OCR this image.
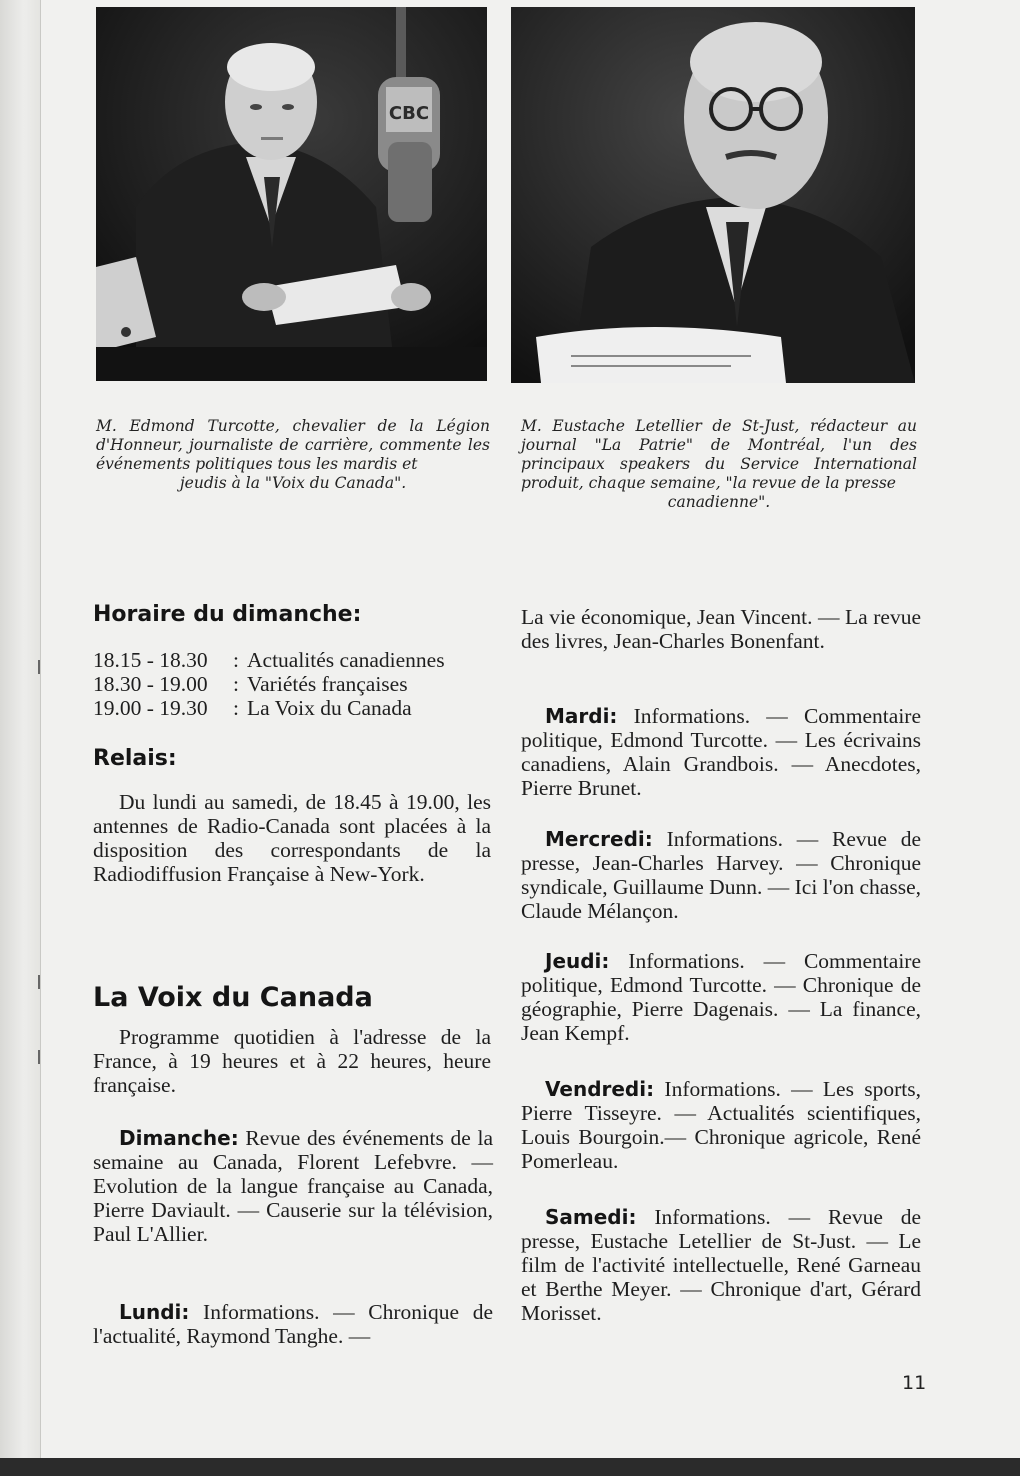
CBC
M. Edmond Turcotte, chevalier de la Légion d'Honneur, journaliste de carrière, commente les événements politiques tous les mardis et
jeudis à la "Voix du Canada".
M. Eustache Letellier de St-Just, rédacteur au journal "La Patrie" de Montréal, l'un des principaux speakers du Service International produit, chaque semaine, "la revue de la presse
canadienne".
Horaire du dimanche:
18.15 - 18.30	: Actualités canadiennes
18.30 - 19.00	: Variétés françaises
19.00 - 19.30	: La Voix du Canada
Relais:

Du lundi au samedi, de 18.45 à 19.00, les antennes de Radio-Canada sont placées à la disposition des correspondants de la Radiodiffusion Française à New-York.

La Voix du Canada

Programme quotidien à l'adresse de la France, à 19 heures et à 22 heures, heure française.

Dimanche: Revue des événements de la semaine au Canada, Florent Lefebvre. — Evolution de la langue française au Canada, Pierre Daviault. — Causerie sur la télévision, Paul L'Allier.

Lundi: Informations. — Chronique de l'actualité, Raymond Tanghe. —

La vie économique, Jean Vincent. — La revue des livres, Jean-Charles Bonenfant.

Mardi: Informations. — Commentaire politique, Edmond Turcotte. — Les écrivains canadiens, Alain Grandbois. — Anecdotes, Pierre Brunet.

Mercredi: Informations. — Revue de presse, Jean-Charles Harvey. — Chronique syndicale, Guillaume Dunn. — Ici l'on chasse, Claude Mélançon.

Jeudi: Informations. — Commentaire politique, Edmond Turcotte. — Chronique de géographie, Pierre Dagenais. — La finance, Jean Kempf.

Vendredi: Informations. — Les sports, Pierre Tisseyre. — Actualités scientifiques, Louis Bourgoin.— Chronique agricole, René Pomerleau.

Samedi: Informations. — Revue de presse, Eustache Letellier de St-Just. — Le film de l'activité intellectuelle, René Garneau et Berthe Meyer. — Chronique d'art, Gérard Morisset.

11
